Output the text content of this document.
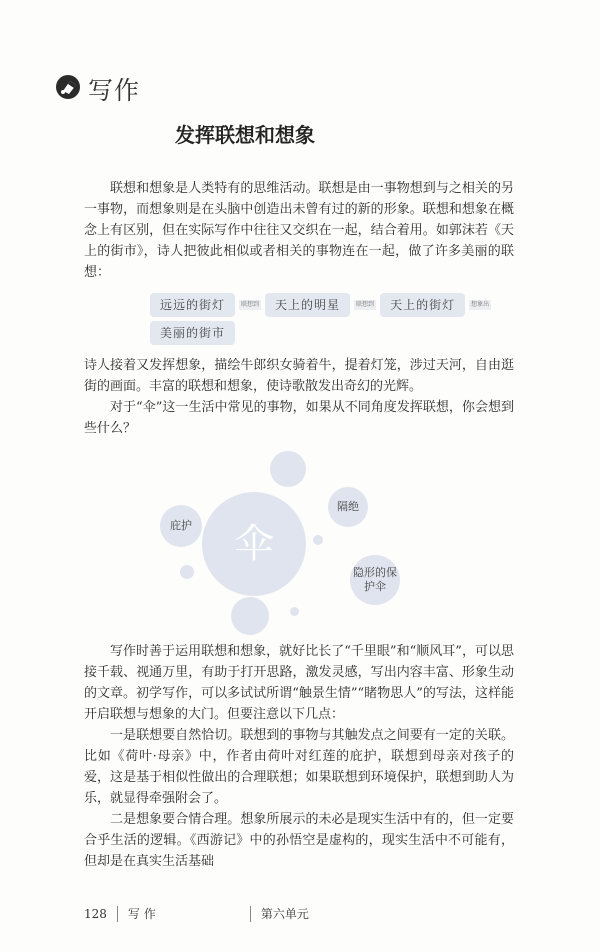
写作
发挥联想和想象

联想和想象是人类特有的思维活动。联想是由一事物想到与之相关的另一事物，而想象则是在头脑中创造出未曾有过的新的形象。联想和想象在概念上有区别，但在实际写作中往往又交织在一起，结合着用。如郭沫若《天上的街市》，诗人把彼此相似或者相关的事物连在一起，做了许多美丽的联想：

远远的街灯	联想到	天上的明星	联想到	天上的街灯	想象出
美丽的街市

诗人接着又发挥想象，描绘牛郎织女骑着牛，提着灯笼，涉过天河，自由逛街的画面。丰富的联想和想象，使诗歌散发出奇幻的光辉。

对于“伞”这一生活中常见的事物，如果从不同角度发挥联想，你会想到些什么？

伞
隔绝
庇护
隐形的保护伞

写作时善于运用联想和想象，就好比长了“千里眼”和“顺风耳”，可以思接千载、视通万里，有助于打开思路，激发灵感，写出内容丰富、形象生动的文章。初学写作，可以多试试所谓“触景生情”“睹物思人”的写法，这样能开启联想与想象的大门。但要注意以下几点：

一是联想要自然恰切。联想到的事物与其触发点之间要有一定的关联。比如《荷叶·母亲》中，作者由荷叶对红莲的庇护，联想到母亲对孩子的爱，这是基于相似性做出的合理联想；如果联想到环境保护，联想到助人为乐，就显得牵强附会了。

二是想象要合情合理。想象所展示的未必是现实生活中有的，但一定要合乎生活的逻辑。《西游记》中的孙悟空是虚构的，现实生活中不可能有，但却是在真实生活基础

128 写 作	第六单元
